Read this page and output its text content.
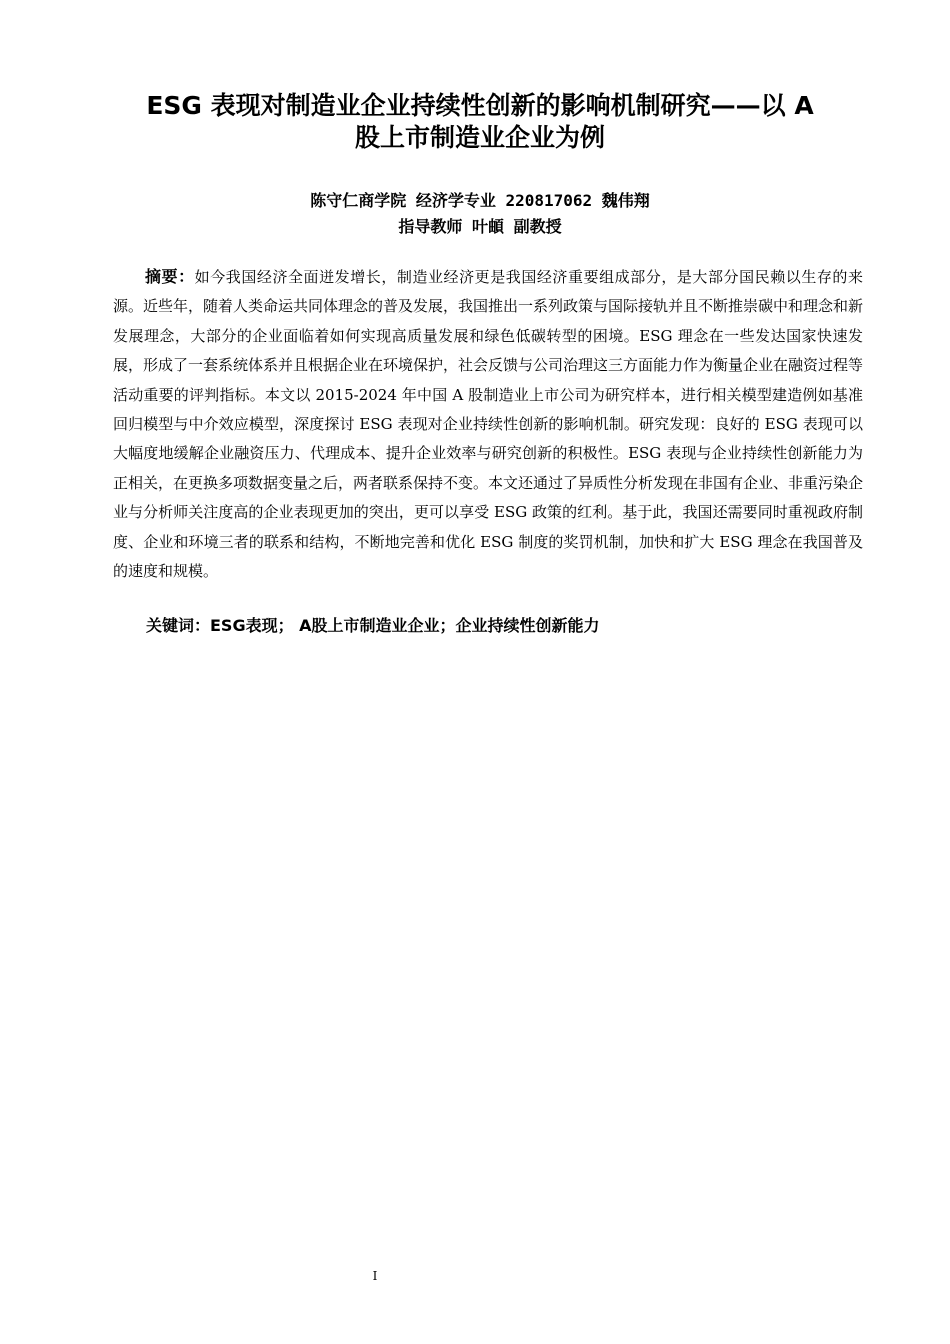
ESG 表现对制造业企业持续性创新的影响机制研究——以 A
股上市制造业企业为例
陈守仁商学院 经济学专业 220817062 魏伟翔
指导教师 叶頔 副教授

摘要：如今我国经济全面迸发增长，制造业经济更是我国经济重要组成部分，是大部分国民赖以生存的来源。近些年，随着人类命运共同体理念的普及发展，我国推出一系列政策与国际接轨并且不断推崇碳中和理念和新发展理念，大部分的企业面临着如何实现高质量发展和绿色低碳转型的困境。ESG 理念在一些发达国家快速发展，形成了一套系统体系并且根据企业在环境保护，社会反馈与公司治理这三方面能力作为衡量企业在融资过程等活动重要的评判指标。本文以 2015-2024 年中国 A 股制造业上市公司为研究样本，进行相关模型建造例如基准回归模型与中介效应模型，深度探讨 ESG 表现对企业持续性创新的影响机制。研究发现：良好的 ESG 表现可以大幅度地缓解企业融资压力、代理成本、提升企业效率与研究创新的积极性。ESG 表现与企业持续性创新能力为正相关，在更换多项数据变量之后，两者联系保持不变。本文还通过了异质性分析发现在非国有企业、非重污染企业与分析师关注度高的企业表现更加的突出，更可以享受 ESG 政策的红利。基于此，我国还需要同时重视政府制度、企业和环境三者的联系和结构，不断地完善和优化 ESG 制度的奖罚机制，加快和扩大 ESG 理念在我国普及的速度和规模。

关键词：ESG表现； A股上市制造业企业；企业持续性创新能力
I
